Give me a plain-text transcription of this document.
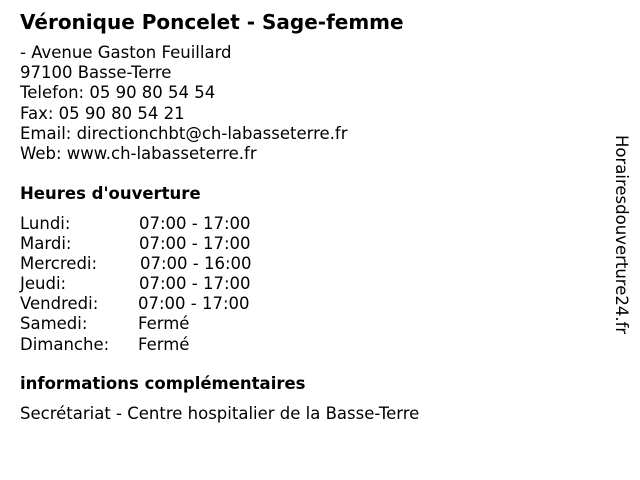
Véronique Poncelet - Sage-femme
- Avenue Gaston Feuillard
97100 Basse-Terre
Telefon: 05 90 80 54 54
Fax: 05 90 80 54 21
Email: directionchbt@ch-labasseterre.fr
Web: www.ch-labasseterre.fr
Heures d'ouverture
Lundi:	07:00 - 17:00
Mardi:	07:00 - 17:00
Mercredi:	07:00 - 16:00
Jeudi:	07:00 - 17:00
Vendredi: 07:00 - 17:00
Samedi:	Fermé
Dimanche: Fermé
informations complémentaires
Secrétariat - Centre hospitalier de la Basse-Terre
Horairesdouverture24.fr
